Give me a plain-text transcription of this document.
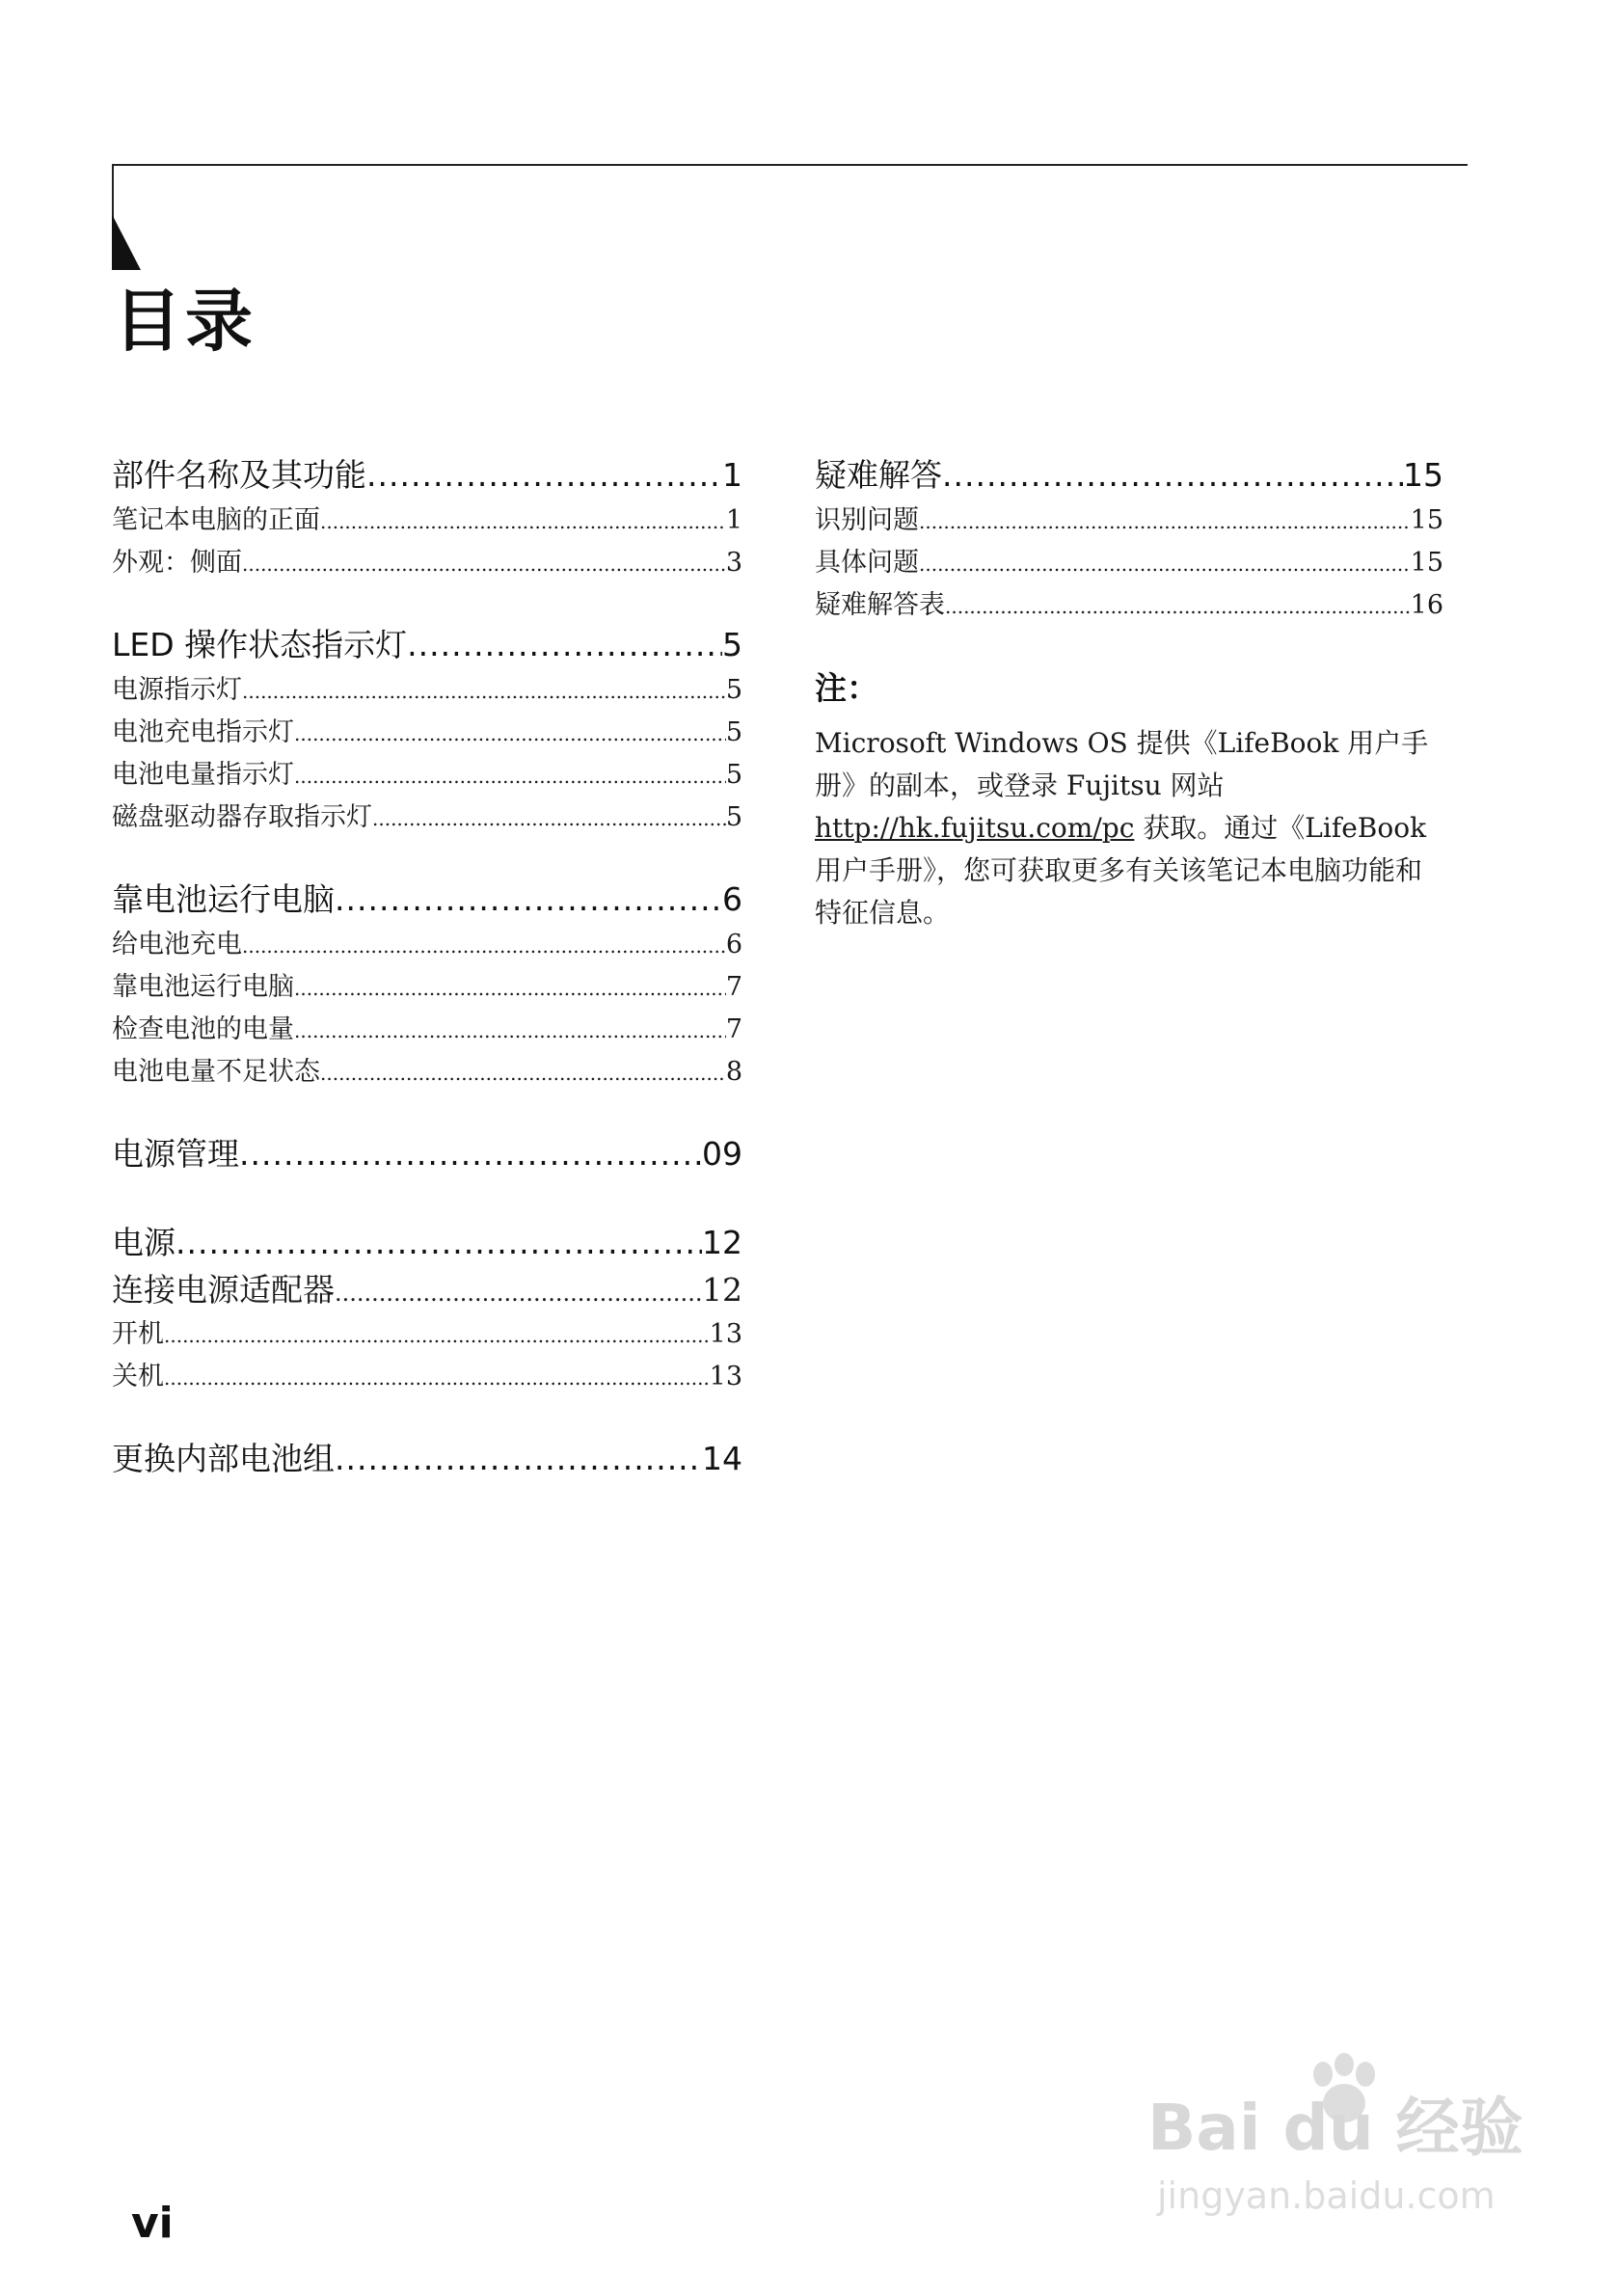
目录
部件名称及其功能 .....	1
笔记本电脑的正面 .....	1
外观：侧面 .....	3
LED 操作状态指示灯 .....	5
电源指示灯 .....	5
电池充电指示灯 .....	5
电池电量指示灯 .....	5
磁盘驱动器存取指示灯 .....	5
靠电池运行电脑 .....	6
给电池充电 .....	6
靠电池运行电脑 .....	7
检查电池的电量 .....	7
电池电量不足状态 .....	8
电源管理 .....	09
电源 .....	12
连接电源适配器 .....	12
开机 .....	13
关机 .....	13
更换内部电池组 .....	14
疑难解答 .....	15
识别问题 .....	15
具体问题 .....	15
疑难解答表 .....	16

注：

Microsoft Windows OS 提供《LifeBook 用户手册》的副本，或登录 Fujitsu 网站 http://hk.fujitsu.com/pc 获取。通过《LifeBook 用户手册》，您可获取更多有关该笔记本电脑功能和特征信息。

vi

Bai du 经验
jingyan.baidu.com
